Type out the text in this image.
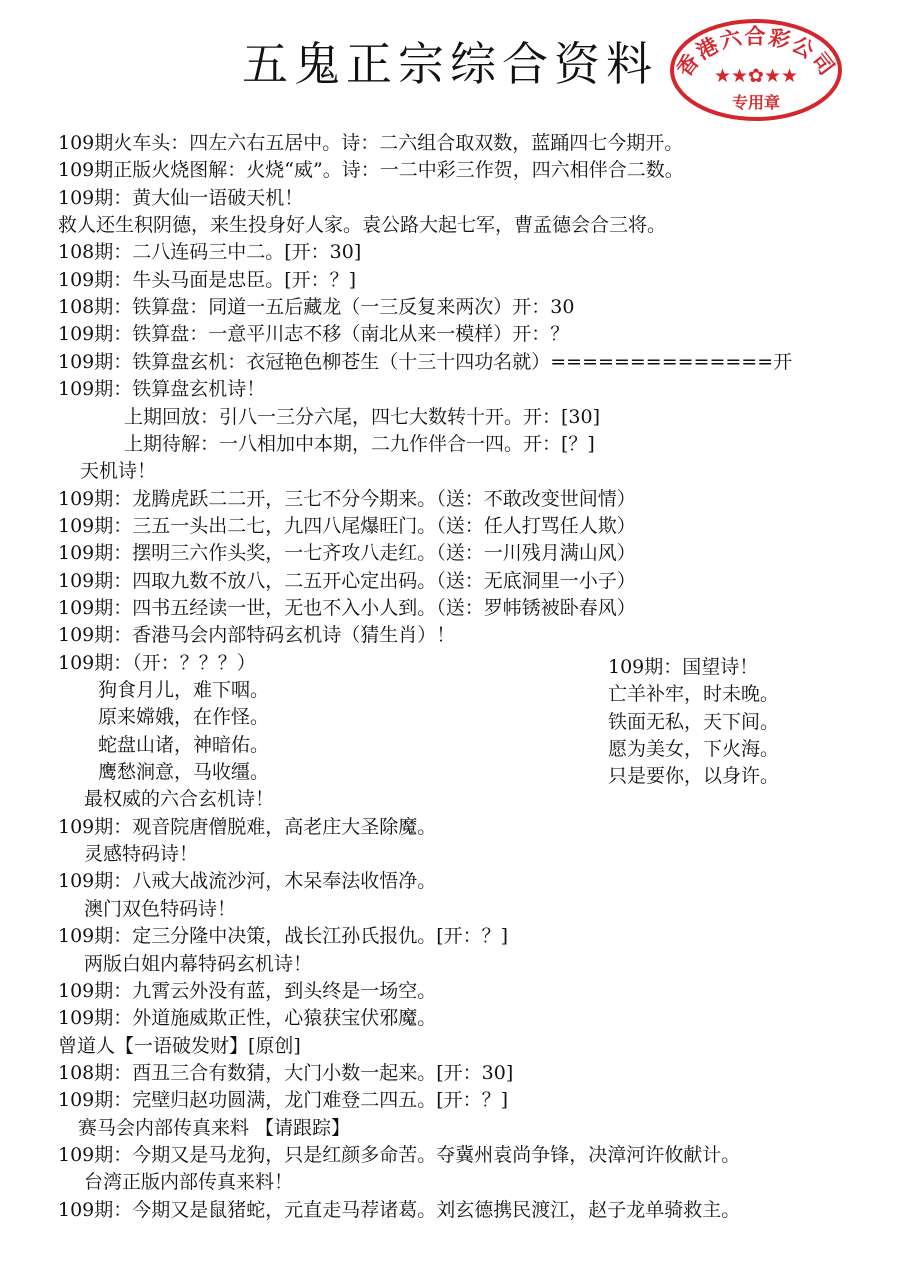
五鬼正宗综合资料 香港六合彩公司
★★✿★★
专用章
109期火车头：四左六右五居中。诗：二六组合取双数，蓝踊四七今期开。
109期正版火烧图解：火烧“威”。诗：一二中彩三作贺，四六相伴合二数。
109期：黄大仙一语破天机！
救人还生积阴德，来生投身好人家。袁公路大起七军，曹孟德会合三将。
108期：二八连码三中二。[开：30]
109期：牛头马面是忠臣。[开：？]
108期：铁算盘：同道一五后藏龙（一三反复来两次）开：30
109期：铁算盘：一意平川志不移（南北从来一模样）开：？
109期：铁算盘玄机：衣冠艳色柳苍生（十三十四功名就）==============开
109期：铁算盘玄机诗！
上期回放：引八一三分六尾，四七大数转十开。开：[30]
上期待解：一八相加中本期，二九作伴合一四。开：[？]
天机诗！
109期：龙腾虎跃二二开，三七不分今期来。（送：不敢改变世间情）
109期：三五一头出二七，九四八尾爆旺门。（送：任人打骂任人欺）
109期：摆明三六作头奖，一七齐攻八走红。（送：一川残月满山风）
109期：四取九数不放八，二五开心定出码。（送：无底洞里一小子）
109期：四书五经读一世，无也不入小人到。（送：罗帏锈被卧春风）
109期：香港马会内部特码玄机诗（猜生肖）！
109期：（开：？？？）
狗食月儿，难下咽。
原来嫦娥，在作怪。
蛇盘山诸，神暗佑。
鹰愁涧意，马收缰。
最权威的六合玄机诗！
109期：观音院唐僧脱难，高老庄大圣除魔。
灵感特码诗！
109期：八戒大战流沙河，木呆奉法收悟净。
澳门双色特码诗！
109期：定三分隆中决策，战长江孙氏报仇。[开：？]
两版白姐内幕特码玄机诗！
109期：九霄云外没有蓝，到头终是一场空。
109期：外道施威欺正性，心猿获宝伏邪魔。
曾道人【一语破发财】[原创]
108期：酉丑三合有数猜，大门小数一起来。[开：30]
109期：完壁归赵功圆满，龙门难登二四五。[开：？]
赛马会内部传真来料 【请跟踪】
109期：今期又是马龙狗，只是红颜多命苦。夺冀州袁尚争锋，决漳河许攸献计。
台湾正版内部传真来料！
109期：今期又是鼠猪蛇，元直走马荐诸葛。刘玄德携民渡江，赵子龙单骑救主。
109期：国望诗！
亡羊补牢，时未晚。
铁面无私，天下间。
愿为美女，下火海。
只是要你，以身许。
